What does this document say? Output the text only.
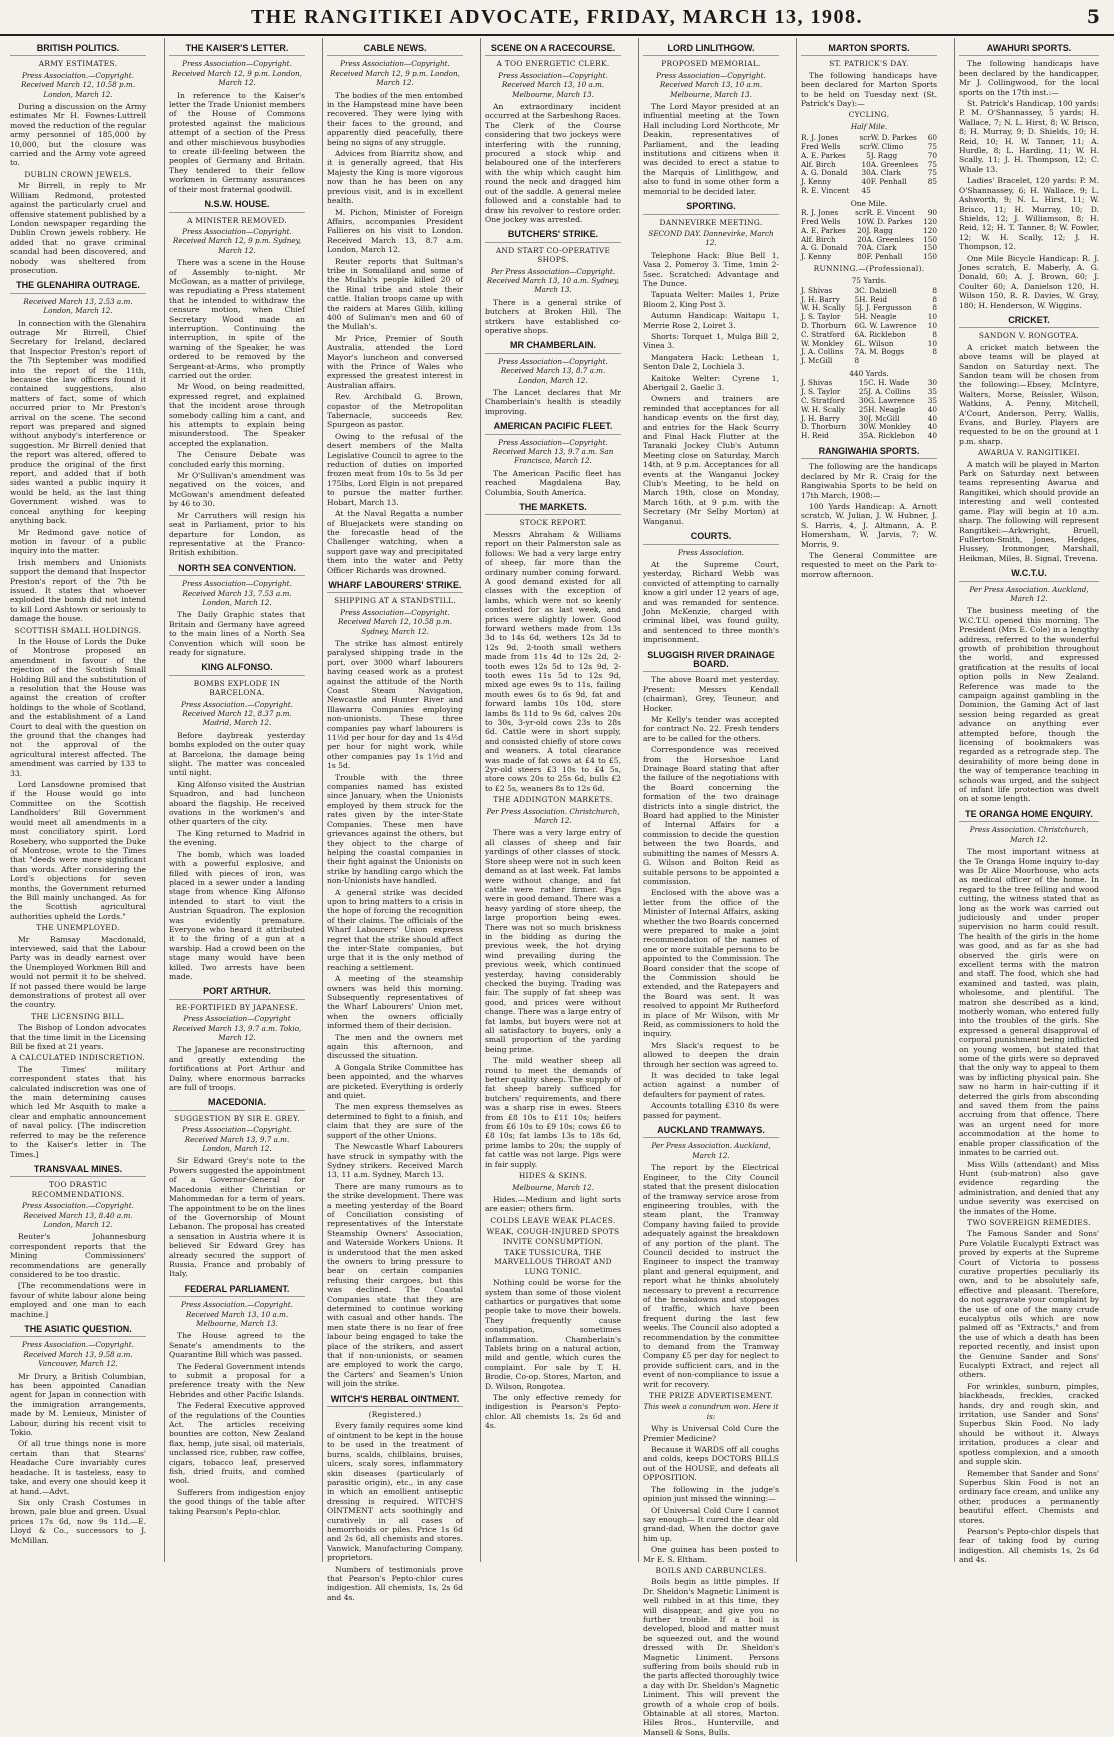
THE RANGITIKEI ADVOCATE, FRIDAY, MARCH 13, 1908.	5
BRITISH POLITICS.
ARMY ESTIMATES.
Press Association.—Copyright. Received March 12, 10.58 p.m. London, March 12.
During a discussion on the Army estimates Mr H. Fownes-Luttrell moved the reduction of the regular army personnel of 185,000 by 10,000, but the closure was carried and the Army vote agreed to.
DUBLIN CROWN JEWELS.
Mr Birrell, in reply to Mr William Redmond, protested against the particularly cruel and offensive statement published by a London newspaper regarding the Dublin Crown jewels robbery. He added that no grave criminal scandal had been discovered, and nobody was sheltered from prosecution.
THE GLENAHIRA OUTRAGE.
Received March 13, 2.53 a.m. London, March 12.
In connection with the Glenahira outrage Mr Birrell, Chief Secretary for Ireland, declared that Inspector Preston's report of the 7th September was modified into the report of the 11th, because the law officers found it contained suggestions, also matters of fact, some of which occurred prior to Mr Preston's arrival on the scene. The second report was prepared and signed without anybody's interference or suggestion. Mr Birrell denied that the report was altered, offered to produce the original of the first report, and added that if both sides wanted a public inquiry it would be held, as the last thing Government wished was to conceal anything for keeping anything back.
Mr Redmond gave notice of motion in favour of a public inquiry into the matter.
Irish members and Unionists support the demand that Inspector Preston's report of the 7th be issued. It states that whoever exploded the bomb did not intend to kill Lord Ashtown or seriously to damage the house.
SCOTTISH SMALL HOLDINGS.
In the House of Lords the Duke of Montrose proposed an amendment in favour of the rejection of the Scottish Small Holding Bill and the substitution of a resolution that the House was against the creation of crofter holdings to the whole of Scotland, and the establishment of a Land Court to deal with the question on the ground that the changes had not the approval of the agricultural interest affected. The amendment was carried by 133 to 33.
Lord Lansdowne promised that if the House would go into Committee on the Scottish Landholders' Bill Government would meet all amendments in a most conciliatory spirit. Lord Rosebery, who supported the Duke of Montrose, wrote to the Times that "deeds were more significant than words. After considering the Lord's objections for seven months, the Government returned the Bill mainly unchanged. As for the Scottish agricultural authorities upheld the Lords."
THE UNEMPLOYED.
Mr Ramsay Macdonald, interviewed, said that the Labour Party was in deadly earnest over the Unemployed Workmen Bill and would not permit it to be shelved. If not passed there would be large demonstrations of protest all over the country.
THE LICENSING BILL.
The Bishop of London advocates that the time limit in the Licensing Bill be fixed at 21 years.
A CALCULATED INDISCRETION.
The Times' military correspondent states that his calculated indiscretion was one of the main determining causes which led Mr Asquith to make a clear and emphatic announcement of naval policy. [The indiscretion referred to may be the reference to the Kaiser's letter in The Times.]
TRANSVAAL MINES.
TOO DRASTIC RECOMMENDATIONS.
Press Association.—Copyright. Received March 13, 8.40 a.m. London, March 12.
Reuter's Johannesburg correspondent reports that the Mining Commissioners' recommendations are generally considered to be too drastic.
[The recommendations were in favour of white labour alone being employed and one man to each machine.]
THE ASIATIC QUESTION.
Press Association.—Copyright. Received March 13, 9.58 a.m. Vancouver, March 12.
Mr Drury, a British Columbian, has been appointed Canadian agent for Japan in connection with the immigration arrangements, made by M. Lemieux, Minister of Labour, during his recent visit to Tokio.
Of all true things none is more certain than that Stearns' Headache Cure invariably cures headache. It is tasteless, easy to take, and every one should keep it at hand.—Advt.
Six only Crash Costumes in brown, pale blue and green. Usual prices 17s 6d, now 9s 11d.—E. Lloyd & Co., successors to J. McMillan.
THE KAISER'S LETTER.
Press Association—Copyright. Received March 12, 9 p.m. London, March 12.
In reference to the Kaiser's letter the Trade Unionist members of the House of Commons protested against the malicious attempt of a section of the Press and other mischievous busybodies to create ill-feeling between the peoples of Germany and Britain. They tendered to their fellow workmen in Germany assurances of their most fraternal goodwill.
N.S.W. HOUSE.
A MINISTER REMOVED.
Press Association—Copyright. Received March 12, 9 p.m. Sydney, March 12.
There was a scene in the House of Assembly to-night. Mr McGowan, as a matter of privilege, was repudiating a Press statement that he intended to withdraw the censure motion, when Chief Secretary Wood made an interruption. Continuing the interruption, in spite of the warning of the Speaker, he was ordered to be removed by the Sergeant-at-Arms, who promptly carried out the order.
Mr Wood, on being readmitted, expressed regret, and explained that the incident arose through somebody calling him a cant, and his attempts to explain being misunderstood. The Speaker accepted the explanation.
The Censure Debate was concluded early this morning.
Mr O'Sullivan's amendment was negatived on the voices, and McGowan's amendment defeated by 46 to 30.
Mr Carruthers will resign his seat in Parliament, prior to his departure for London, as representative at the Franco-British exhibition.
NORTH SEA CONVENTION.
Press Association—Copyright. Received March 13, 7.53 a.m. London, March 12.
The Daily Graphic states that Britain and Germany have agreed to the main lines of a North Sea Convention which will soon be ready for signature.
KING ALFONSO.
BOMBS EXPLODE IN BARCELONA.
Press Association.—Copyright. Received March 12, 8.37 p.m. Madrid, March 12.
Before daybreak yesterday bombs exploded on the outer quay at Barcelona, the damage being slight. The matter was concealed until night.
King Alfonso visited the Austrian Squadron, and had luncheon aboard the flagship. He received ovations in the workmen's and other quarters of the city.
The King returned to Madrid in the evening.
The bomb, which was loaded with a powerful explosive, and filled with pieces of iron, was placed in a sewer under a landing stage from whence King Alfonso intended to start to visit the Austrian Squadron. The explosion was evidently premature. Everyone who heard it attributed it to the firing of a gun at a warship. Had a crowd been on the stage many would have been killed. Two arrests have been made.
PORT ARTHUR.
RE-FORTIFIED BY JAPANESE.
Press Association—Copyright Received March 13, 9.7 a.m. Tokio, March 12.
The Japanese are reconstructing and greatly extending the fortifications at Port Arthur and Dalny, where enormous barracks are full of troops.
MACEDONIA.
SUGGESTION BY SIR E. GREY.
Press Association—Copyright. Received March 13, 9.7 a.m. London, March 12.
Sir Edward Grey's note to the Powers suggested the appointment of a Governor-General for Macedonia either Christian or Mahommedan for a term of years. The appointment to be on the lines of the Governorship of Mount Lebanon. The proposal has created a sensation in Austria where it is believed Sir Edward Grey has already secured the support of Russia, France and probably of Italy.
FEDERAL PARLIAMENT.
Press Association.—Copyright. Received March 13, 10 a.m. Melbourne, March 13.
The House agreed to the Senate's amendments to the Quarantine Bill which was passed.
The Federal Government intends to submit a proposal for a preference treaty with the New Hebrides and other Pacific Islands.
The Federal Executive approved of the regulations of the Counties Act. The articles receiving bounties are cotton, New Zealand flax, hemp, jute sisal, oil materials, unclassed rice, rubber, raw coffee, cigars, tobacco leaf, preserved fish, dried fruits, and combed wool.
Sufferers from indigestion enjoy the good things of the table after taking Pearson's Pepto-chlor.
CABLE NEWS.
Press Association—Copyright. Received March 12, 9 p.m. London, March 12.
The bodies of the men entombed in the Hampstead mine have been recovered. They were lying with their faces to the ground, and apparently died peacefully, there being no signs of any struggle.
Advices from Biarritz show, and it is generally agreed, that His Majesty the King is more vigorous now than he has been on any previous visit, and is in excellent health.
M. Pichon, Minister of Foreign Affairs, accompanies President Fallieres on his visit to London. Received March 13, 8.7 a.m. London, March 12.
Reuter reports that Sultman's tribe in Somaliland and some of the Mullah's people killed 20 of the Rinal tribe and stole their cattle. Italian troops came up with the raiders at Mares Gilib, killing 400 of Suliman's men and 60 of the Mullah's.
Mr Price, Premier of South Australia, attended the Lord Mayor's luncheon and conversed with the Prince of Wales who expressed the greatest interest in Australian affairs.
Rev. Archibald G. Brown, copastor of the Metropolitan Tabernacle, succeeds Rev. Spurgeon as pastor.
Owing to the refusal of the desert members of the Malta Legislative Council to agree to the reduction of duties on imported frozen meat from 10s to 5s 3d per 175lbs, Lord Elgin is not prepared to pursue the matter further. Hobart, March 13.
At the Naval Regatta a number of Bluejackets were standing on the forecastle head of the Challenger watching, when a support gave way and precipitated them into the water and Petty Officer Richards was drowned.
WHARF LABOURERS' STRIKE.
SHIPPING AT A STANDSTILL.
Press Association—Copyright. Received March 12, 10.58 p.m. Sydney, March 12.
The strike has almost entirely paralysed shipping trade in the port, over 3000 wharf labourers having ceased work as a protest against the attitude of the North Coast Steam Navigation, Newcastle and Hunter River and Illawarra Companies employing non-unionists. These three companies pay wharf labourers is 11½d per hour for day and 1s 4½d per hour for night work, while other companies pay 1s 1½d and 1s 5d.
Trouble with the three companies named has existed since January, when the Unionists employed by them struck for the rates given by the inter-State Companies. These men have grievances against the others, but they object to the charge of helping the coastal companies in their fight against the Unionists on strike by handling cargo which the non-Unionists have handled.
A general strike was decided upon to bring matters to a crisis in the hope of forcing the recognition of their claims. The officials of the Wharf Labourers' Union express regret that the strike should affect the inter-State companies, but urge that it is the only method of reaching a settlement.
A meeting of the steamship owners was held this morning. Subsequently representatives of the Wharf Labourers' Union met, when the owners officially informed them of their decision.
The men and the owners met again this afternoon, and discussed the situation.
A Gongala Strike Committee has been appointed, and the wharves are picketed. Everything is orderly and quiet.
The men express themselves as determined to fight to a finish, and claim that they are sure of the support of the other Unions.
The Newcastle Wharf Labourers have struck in sympathy with the Sydney strikers. Received March 13, 11 a.m. Sydney, March 13.
There are many rumours as to the strike development. There was a meeting yesterday of the Board of Conciliation consisting of representatives of the Interstate Steamship Owners' Association, and Waterside Workers Unions. It is understood that the men asked the owners to bring pressure to bear on certain companies refusing their cargoes, but this was declined. The Coastal Companies state that they are determined to continue working with casual and other hands. The men state there is no fear of free labour being engaged to take the place of the strikers, and assert that if non-unionists, or seamen are employed to work the cargo, the Carters' and Seamen's Union will join the strike.
WITCH'S HERBAL OINTMENT.
(Registered.)
Every family requires some kind of ointment to be kept in the house to be used in the treatment of burns, scalds, chilblains, bruises, ulcers, scaly sores, inflammatory skin diseases (particularly of parasitic origin), etc., in any case in which an emollient antiseptic dressing is required. WITCH'S OINTMENT acts soothingly and curatively in all cases of hemorrhoids or piles. Price 1s 6d and 2s 6d, all chemists and stores. Vanwick, Manufacturing Company, proprietors.
Numbers of testimonials prove that Pearson's Pepto-chlor cures indigestion. All chemists, 1s, 2s 6d and 4s.
SCENE ON A RACECOURSE.
A TOO ENERGETIC CLERK.
Press Association—Copyright. Received March 13, 10 a.m. Melbourne, March 13.
An extraordinary incident occurred at the Sarbeshong Races. The Clerk of the Course considering that two jockeys were interfering with the running, procured a stock whip and belaboured one of the interferers with the whip which caught him round the neck and dragged him out of the saddle. A general melee followed and a constable had to draw his revolver to restore order. One jockey was arrested.
BUTCHERS' STRIKE.
AND START CO-OPERATIVE SHOPS.
Per Press Association—Copyright. Received March 13, 10 a.m. Sydney, March 13.
There is a general strike of butchers at Broken Hill. The strikers have established co-operative shops.
MR CHAMBERLAIN.
Press Association—Copyright. Received March 13, 8.7 a.m. London, March 12.
The Lancet declares that Mr Chamberlain's health is steadily improving.
AMERICAN PACIFIC FLEET.
Press Association—Copyright. Received March 13, 9.7 a.m. San Francisco, March 12.
The American Pacific fleet has reached Magdalena Bay, Columbia, South America.
THE MARKETS.
STOCK REPORT.
Messrs Abraham & Williams report on their Palmerston sale as follows: We had a very large entry of sheep, far more than the ordinary number coming forward. A good demand existed for all classes with the exception of lambs, which were not so keenly contested for as last week, and prices were slightly lower. Good forward wethers made from 13s 3d to 14s 6d, wethers 12s 3d to 12s 9d, 2-tooth small wethers made from 11s 4d to 12s 2d, 2-tooth ewes 12s 5d to 12s 9d, 2-tooth ewes 11s 5d to 12s 9d, mixed age ewes 9s to 11s, failing mouth ewes 6s to 6s 9d, fat and forward lambs 10s 10d, store lambs 8s 11d to 9s 6d, calves 20s to 30s, 3-yr-old cows 23s to 28s 6d. Cattle were in short supply, and consisted chiefly of store cows and weaners. A total clearance was made of fat cows at £4 to £5, 2yr-old steers £3 10s to £4 5s, store cows 20s to 25s 6d, bulls £2 to £2 5s, weaners 8s to 12s 6d.
THE ADDINGTON MARKETS.
Per Press Association. Christchurch, March 12.
There was a very large entry of all classes of sheep and fair yardings of other classes of stock. Store sheep were not in such keen demand as at last week. Fat lambs were without change, and fat cattle were rather firmer. Pigs were in good demand. There was a heavy yarding of store sheep, the large proportion being ewes. There was not so much briskness in the bidding as during the previous week, the hot drying wind prevailing during the previous week, which continued yesterday, having considerably checked the buying. Trading was fair. The supply of fat sheep was good, and prices were without change. There was a large entry of fat lambs, but buyers were not at all satisfactory to buyers, only a small proportion of the yarding being prime.
The mild weather sheep all round to meet the demands of better quality sheep. The supply of fat sheep barely sufficed for butchers' requirements, and there was a sharp rise in ewes. Steers from £8 10s to £11 10s; heifers from £6 10s to £9 10s; cows £6 to £8 10s; fat lambs 13s to 18s 6d, prime lambs to 20s; the supply of fat cattle was not large. Pigs were in fair supply.
HIDES & SKINS.
Melbourne, March 12.
Hides.—Medium and light sorts are easier; others firm.
COLDS LEAVE WEAK PLACES.
WEAK, COUGH-INJURED SPOTS INVITE CONSUMPTION.
TAKE TUSSICURA, THE MARVELLOUS THROAT AND LUNG TONIC.
Nothing could be worse for the system than some of those violent cathartics or purgatives that some people take to move their bowels. They frequently cause constipation, sometimes inflammation. Chamberlain's Tablets bring on a natural action, mild and gentle, which cures the complaint. For sale by T. H. Brodie, Co-op. Stores, Marton, and D. Wilson, Rongotea.
The only effective remedy for indigestion is Pearson's Pepto-chlor. All chemists 1s, 2s 6d and 4s.
LORD LINLITHGOW.
PROPOSED MEMORIAL.
Press Association—Copyright. Received March 13, 10 a.m. Melbourne, March 13.
The Lord Mayor presided at an influential meeting at the Town Hall including Lord Northcote, Mr Deakin, representatives of Parliament, and the leading institutions and citizens when it was decided to erect a statue to the Marquis of Linlithgow, and also to fund in some other form a memorial to be decided later.
SPORTING.
DANNEVIRKE MEETING.
SECOND DAY. Dannevirke, March 12.
Telephone Hack: Blue Bell 1, Vasa 2, Pomeroy 3. Time, 1min 2-5sec. Scratched: Advantage and The Dunce.
Tapuata Welter: Mailes 1, Prize Bloom 2, King Post 3.
Autumn Handicap: Waitapu 1, Merrie Rose 2, Loiret 3.
Shorts: Torquet 1, Mulga Bill 2, Vinea 3.
Mangatera Hack: Lethean 1, Senton Dale 2, Lochiela 3.
Kaitoke Welter: Cyrene 1, Aberigail 2, Gaelic 3.
Owners and trainers are reminded that acceptances for all handicap events on the first day, and entries for the Hack Scurry and Final Hack Flutter at the Taranaki Jockey Club's Autumn Meeting close on Saturday, March 14th, at 9 p.m. Acceptances for all events at the Wanganui Jockey Club's Meeting, to be held on March 19th, close on Monday, March 16th, at 9 p.m. with the Secretary (Mr Selby Morton) at Wanganui.
COURTS.
Press Association.
At the Supreme Court, yesterday, Richard Webb was convicted of attempting to carnally know a girl under 12 years of age, and was remanded for sentence. John McKenzie, charged with criminal libel, was found guilty, and sentenced to three month's imprisonment.
SLUGGISH RIVER DRAINAGE BOARD.
The above Board met yesterday. Present: Messrs Kendall (chairman), Grey, Teuneur, and Hocker.
Mr Kelly's tender was accepted for contract No. 22. Fresh tenders are to be called for the others.
Correspondence was received from the Horseshoe Land Drainage Board stating that after the failure of the negotiations with the Board concerning the formation of the two drainage districts into a single district, the Board had applied to the Minister of Internal Affairs for a commission to decide the question between the two Boards, and submitting the names of Messrs A. G. Wilson and Bolton Reid as suitable persons to be appointed a commission.
Enclosed with the above was a letter from the office of the Minister of Internal Affairs, asking whether the two Boards concerned were prepared to make a joint recommendation of the names of one or more suitable persons to be appointed to the Commission. The Board consider that the scope of the Commission should be extended, and the Ratepayers and the Board was sent. It was resolved to appoint Mr Rutherford in place of Mr Wilson, with Mr Reid, as commissioners to hold the inquiry.
Mrs Slack's request to be allowed to deepen the drain through her section was agreed to.
It was decided to take legal action against a number of defaulters for payment of rates.
Accounts totalling £310 8s were passed for payment.
AUCKLAND TRAMWAYS.
Per Press Association. Auckland, March 12.
The report by the Electrical Engineer, to the City Council stated that the present dislocation of the tramway service arose from engineering troubles, with the steam plant, the Tramway Company having failed to provide adequately against the breakdown of any portion of the plant. The Council decided to instruct the Engineer to inspect the tramway plant and general equipment, and report what he thinks absolutely necessary to prevent a recurrence of the breakdowns and stoppages of traffic, which have been frequent during the last few weeks. The Council also adopted a recommendation by the committee to demand from the Tramway Company £5 per day for neglect to provide sufficient cars, and in the event of non-compliance to issue a writ for recovery.
THE PRIZE ADVERTISEMENT.
This week a conundrum won. Here it is:
Why is Universal Cold Cure the Premier Medicine?
Because it WARDS off all coughs and colds, keeps DOCTORS BILLS out of the HOUSE, and defeats all OPPOSITION.
The following in the judge's opinion just missed the winning:—
Of Universal Cold Cure I cannot say enough— It cured the dear old grand-dad, When the doctor gave him up.
One guinea has been posted to Mr E. S. Eltham.
BOILS AND CARBUNCLES.
Boils begin as little pimples. If Dr. Sheldon's Magnetic Liniment is well rubbed in at this time, they will disappear, and give you no further trouble. If a boil is developed, blood and matter must be squeezed out, and the wound dressed with Dr. Sheldon's Magnetic Liniment. Persons suffering from boils should rub in the parts affected thoroughly twice a day with Dr. Sheldon's Magnetic Liniment. This will prevent the growth of a whole crop of boils. Obtainable at all stores, Marton. Hiles Bros., Hunterville, and Mansell & Sons, Bulls.
MARTON SPORTS.
ST. PATRICK'S DAY.
The following handicaps have been declared for Marton Sports to be held on Tuesday next (St. Patrick's Day):—
CYCLING.
Half Mile.
R. J. Jones	scr	W. D. Parkes	60
Fred Wells	scr	W. Climo	75
A. E. Parkes	5	J. Ragg	70
Alf. Birch	10	A. Greenlees	75
A. G. Donald	30	A. Clark	75
J. Kenny	40	F. Penhall	85
R. E. Vincent	45		
One Mile.
R. J. Jones	scr	R. E. Vincent	90
Fred Wells	10	W. D. Parkes	120
A. E. Parkes	20	J. Ragg	120
Alf. Birch	20	A. Greenlees	150
A. G. Donald	70	A. Clark	150
J. Kenny	80	F. Penhall	150
RUNNING.—(Professional).
75 Yards.
J. Shivas	3	C. Dalziell	8
J. H. Barry	5	H. Reid	8
W. H. Scally	5	J. J. Fergusson	8
J. S. Taylor	5	H. Neagle	10
D. Thorburn	6	G. W. Lawrence	10
C. Stratford	6	A. Ricklebon	8
W. Monkley	6	L. Wilson	10
J. A. Collins	7	A. M. Boggs	8
J. McGill	8		
440 Yards.
J. Shivas	15	C. H. Wade	30
J. S. Taylor	25	J. A. Collins	35
C. Stratford	30	G. Lawrence	35
W. H. Scally	25	H. Neagle	40
J. H. Barry	30	J. McGill	40
D. Thorburn	30	W. Monkley	40
H. Reid	35	A. Ricklebon	40
RANGIWAHIA SPORTS.
The following are the handicaps declared by Mr R. Craig for the Rangiwahia Sports to be held on 17th March, 1908:—
100 Yards Handicap: A. Arnott scratch, W. Julian, J. W. Hubner, J. S. Harris, 4, J. Altmann, A. P. Homersham, W. Jarvis, 7; W. Morris, 9.
The General Committee are requested to meet on the Park to-morrow afternoon.
AWAHURI SPORTS.
The following handicaps have been declared by the handicapper, Mr J. Collingwood, for the local sports on the 17th inst.:—
St. Patrick's Handicap, 100 yards: P. M. O'Shannassey, 5 yards; H. Wallace, 7; N. L. Hirst, 8; W. Brisco, 8; H. Murray, 9; D. Shields, 10; H. Reid, 10; H. W. Tanner, 11; A. Hurdle, 8; L. Harding, 11; W. H. Scally, 11; J. H. Thompson, 12; C. Whale 13.
Ladies' Bracelet, 120 yards: P. M. O'Shannassey, 6; H. Wallace, 9; L. Ashworth, 9; N. L. Hirst, 11; W. Brisco, 11; H. Murray, 10; D. Shields, 12; J. Williamson, 8; H. Reid, 12; H. T. Tanner, 8; W. Fowler, 12; W. H. Scally, 12; J. H. Thompson, 12.
One Mile Bicycle Handicap: R. J. Jones scratch, E. Maberly, A. G. Donald, 60; A. J. Brown, 60; J. Coulter 60; A. Danielson 120, H. Wilson 150, R. R. Davies, W. Gray, 180; H. Henderson, W. Wiggins.
CRICKET.
SANDON V. RONGOTEA.
A cricket match between the above teams will be played at Sandon on Saturday next. The Sandon team will be chosen from the following:—Ebsey, McIntyre, Walters, Morse, Reissler, Wilson, Watkins, A. Penny, Mitchell, A'Court, Anderson, Perry, Wallis, Evans, and Burley. Players are requested to be on the ground at 1 p.m. sharp.
AWARUA V. RANGITIKEI.
A match will be played in Marton Park on Saturday next between teams representing Awarua and Rangitikei, which should provide an interesting and well contested game. Play will begin at 10 a.m. sharp. The following will represent Rangitikei:—Arkwright, Bruell, Fullerton-Smith, Jones, Hedges, Hussey, Ironmonger, Marshall, Heikman, Miles, B. Signal, Trevena.
W.C.T.U.
Per Press Association. Auckland, March 12.
The business meeting of the W.C.T.U. opened this morning. The President (Mrs E. Cole) in a lengthy address, referred to the wonderful growth of prohibition throughout the world, and expressed gratification at the results of local option polls in New Zealand. Reference was made to the campaign against gambling in the Dominion, the Gaming Act of last session being regarded as great advance on anything ever attempted before, though the licensing of bookmakers was regarded as a retrograde step. The desirability of more being done in the way of temperance teaching in schools was urged, and the subject of infant life protection was dwelt on at some length.
TE ORANGA HOME ENQUIRY.
Press Association. Christchurch, March 12.
The most important witness at the Te Oranga Home inquiry to-day was Dr Alice Moorhouse, who acts as medical officer of the home. In regard to the tree felling and wood cutting, the witness stated that as long as the work was carried out judiciously and under proper supervision no harm could result. The health of the girls in the home was good, and as far as she had observed the girls were on excellent terms with the matron and staff. The food, which she had examined and tasted, was plain, wholesome, and plentiful. The matron she described as a kind, motherly woman, who entered fully into the troubles of the girls. She expressed a general disapproval of corporal punishment being inflicted on young women, but stated that some of the girls were so depraved that the only way to appeal to them was by inflicting physical pain. She saw no harm in hair-cutting if it deterred the girls from absconding and saved them from the pains accruing from that offence. There was an urgent need for more accommodation at the home to enable proper classification of the inmates to be carried out.
Miss Wills (attendant) and Miss Hunt (sub-matron) also gave evidence regarding the administration, and denied that any undue severity was exercised on the inmates of the Home.
TWO SOVEREIGN REMEDIES.
The Famous Sander and Sons' Pure Volatile Eucalypti Extract was proved by experts at the Supreme Court of Victoria to possess curative properties peculiarly its own, and to be absolutely safe, effective and pleasant. Therefore, do not aggravate your complaint by the use of one of the many crude eucalyptus oils which are now palmed off as "Extracts," and from the use of which a death has been reported recently, and insist upon the Genuine Sander and Sons' Eucalypti Extract, and reject all others.
For wrinkles, sunburn, pimples, blackheads, freckles, cracked hands, dry and rough skin, and irritation, use Sander and Sons' Superbus Skin Food. No lady should be without it. Always irritation, produces a clear and spotless complexion, and a smooth and supple skin.
Remember that Sander and Sons' Superbus Skin Food is not an ordinary face cream, and unlike any other, produces a permanently beautiful effect. Chemists and stores.
Pearson's Pepto-chlor dispels that fear of taking food by curing indigestion. All chemists 1s, 2s 6d and 4s.
